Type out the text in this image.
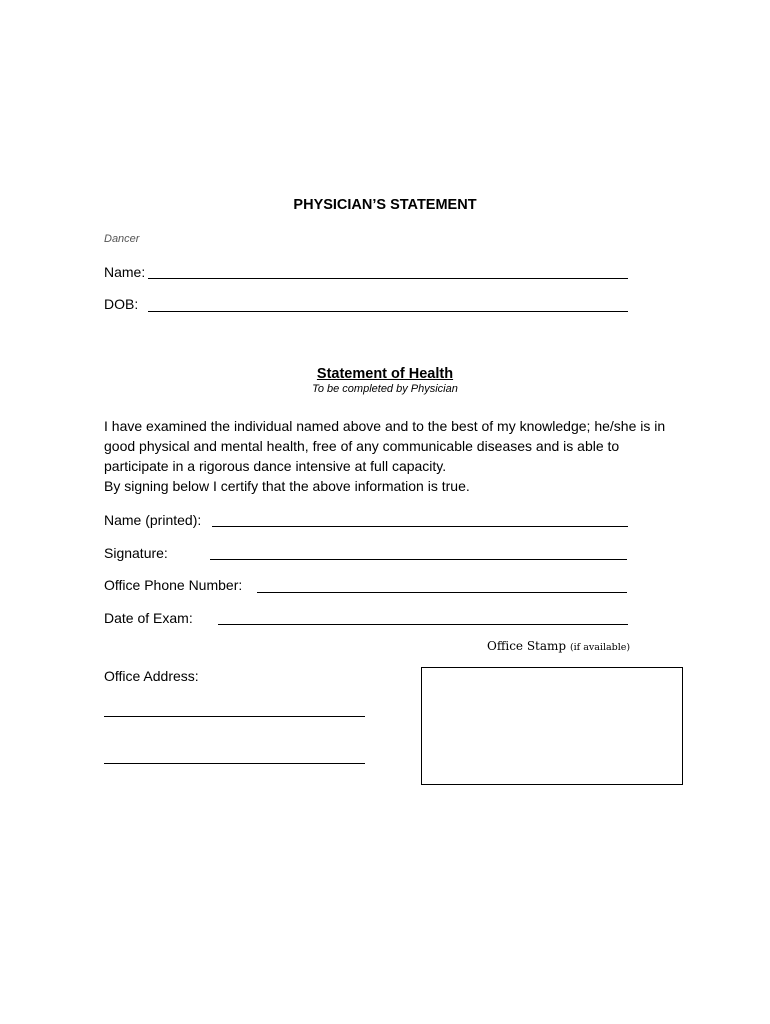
PHYSICIAN’S STATEMENT
Dancer
Name:
DOB:
Statement of Health
To be completed by Physician

I have examined the individual named above and to the best of my knowledge; he/she is in

good physical and mental health, free of any communicable diseases and is able to

participate in a rigorous dance intensive at full capacity.

By signing below I certify that the above information is true.

Name (printed):
Signature:
Office Phone Number:
Date of Exam:
Office Stamp (if available)
Office Address:
